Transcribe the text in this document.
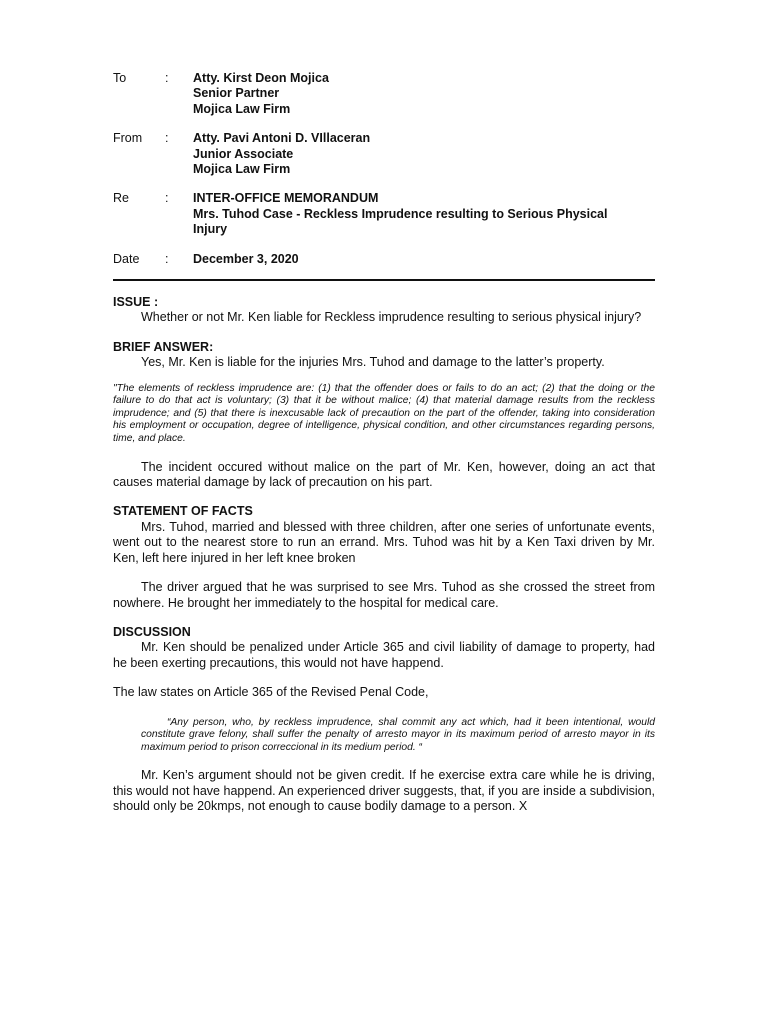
To	:	Atty. Kirst Deon Mojica
Senior Partner
Mojica Law Firm
From	:	Atty. Pavi Antoni D. VIllaceran
Junior Associate
Mojica Law Firm
Re	:	INTER-OFFICE MEMORANDUM
Mrs. Tuhod Case - Reckless Imprudence resulting to Serious Physical
Injury
Date	:	December 3, 2020
ISSUE :
Whether or not Mr. Ken liable for Reckless imprudence resulting to serious physical injury?
BRIEF ANSWER:
Yes, Mr. Ken is liable for the injuries Mrs. Tuhod and damage to the latter’s property.
"The elements of reckless imprudence are: (1) that the offender does or fails to do an act; (2) that the doing or the failure to do that act is voluntary; (3) that it be without malice; (4) that material damage results from the reckless imprudence; and (5) that there is inexcusable lack of precaution on the part of the offender, taking into consideration his employment or occupation, degree of intelligence, physical condition, and other circumstances regarding persons, time, and place.
The incident occured without malice on the part of Mr. Ken, however, doing an act that causes material damage by lack of precaution on his part.
STATEMENT OF FACTS
Mrs. Tuhod, married and blessed with three children, after one series of unfortunate events, went out to the nearest store to run an errand. Mrs. Tuhod was hit by a Ken Taxi driven by Mr. Ken, left here injured in her left knee broken
The driver argued that he was surprised to see Mrs. Tuhod as she crossed the street from nowhere. He brought her immediately to the hospital for medical care.
DISCUSSION
Mr. Ken should be penalized under Article 365 and civil liability of damage to property, had he been exerting precautions, this would not have happend.
The law states on Article 365 of the Revised Penal Code,
“Any person, who, by reckless imprudence, shal commit any act which, had it been intentional, would constitute grave felony, shall suffer the penalty of arresto mayor in its maximum period of arresto mayor in its maximum period to prison correccional in its medium period. “
Mr. Ken’s argument should not be given credit. If he exercise extra care while he is driving, this would not have happend. An experienced driver suggests, that, if you are inside a subdivision, should only be 20kmps, not enough to cause bodily damage to a person. X
